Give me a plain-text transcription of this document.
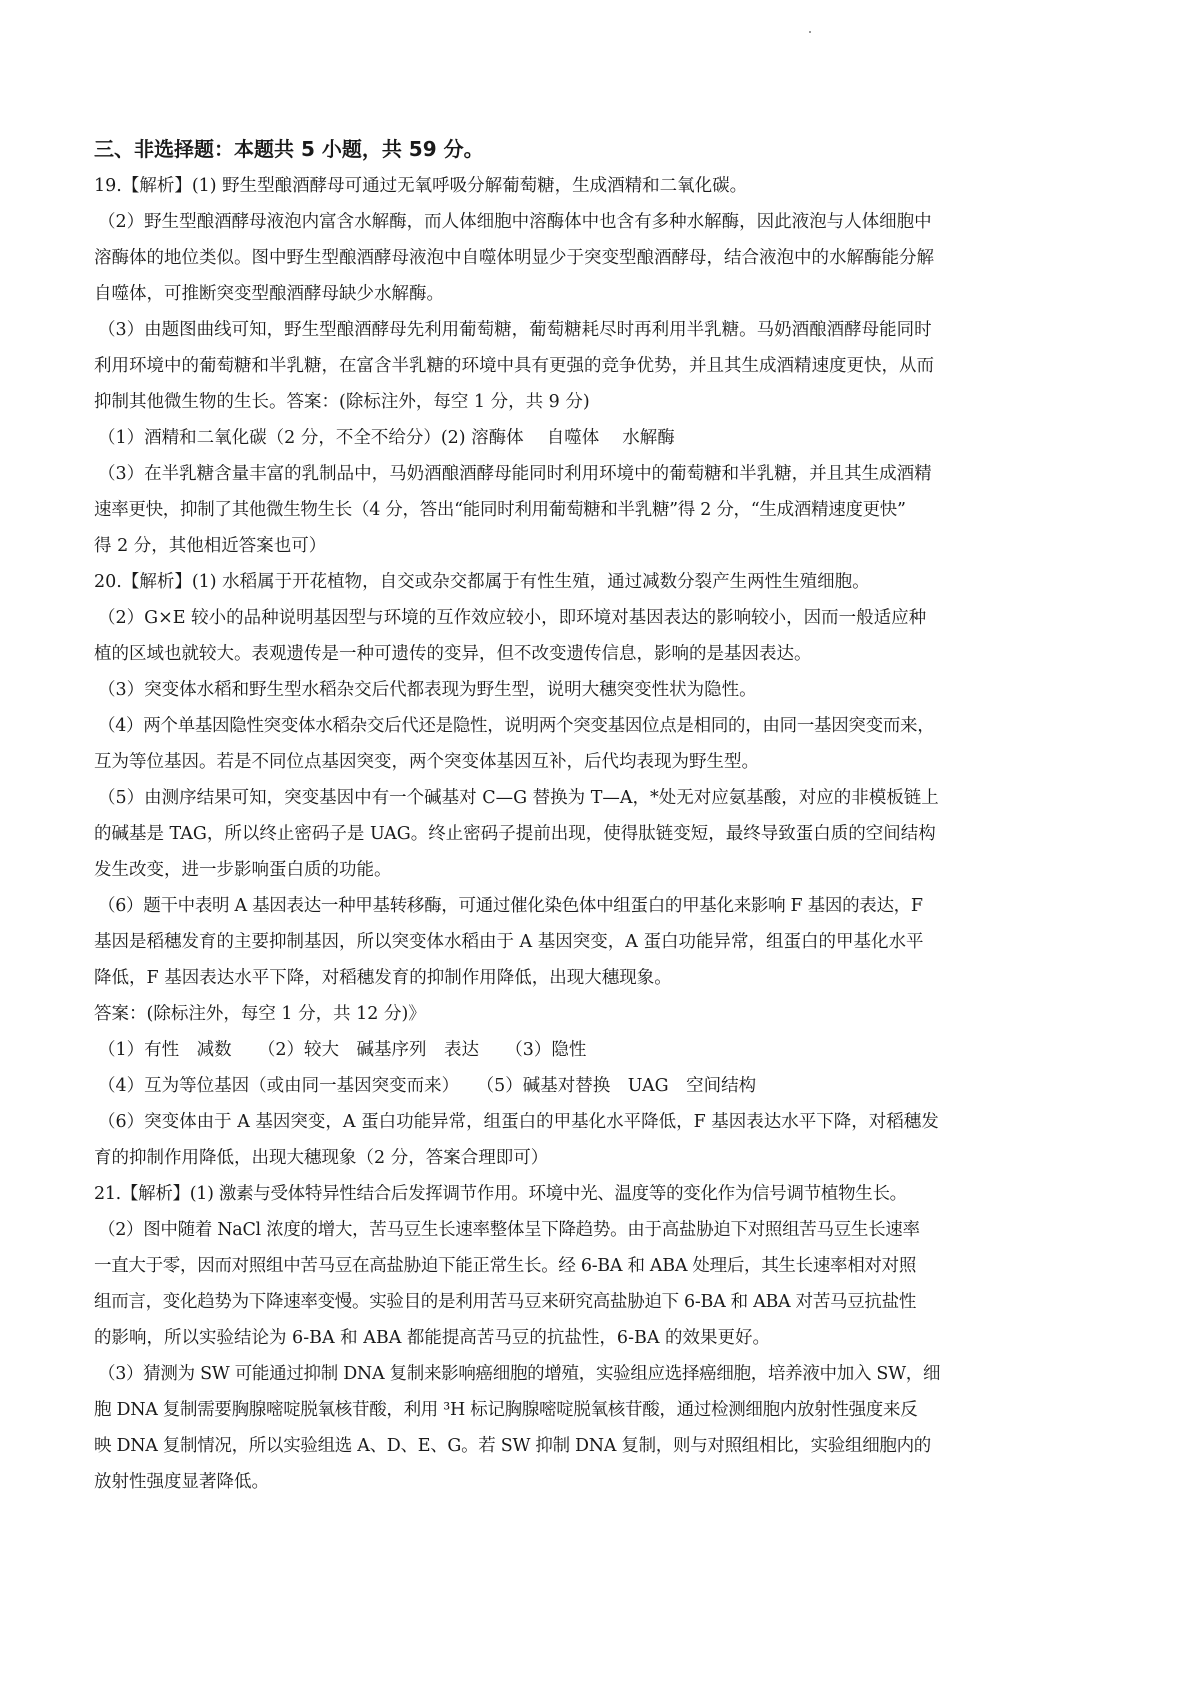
三、非选择题：本题共 5 小题，共 59 分。
19.【解析】(1) 野生型酿酒酵母可通过无氧呼吸分解葡萄糖，生成酒精和二氧化碳。
（2）野生型酿酒酵母液泡内富含水解酶，而人体细胞中溶酶体中也含有多种水解酶，因此液泡与人体细胞中
溶酶体的地位类似。图中野生型酿酒酵母液泡中自噬体明显少于突变型酿酒酵母，结合液泡中的水解酶能分解
自噬体，可推断突变型酿酒酵母缺少水解酶。
（3）由题图曲线可知，野生型酿酒酵母先利用葡萄糖，葡萄糖耗尽时再利用半乳糖。马奶酒酿酒酵母能同时
利用环境中的葡萄糖和半乳糖，在富含半乳糖的环境中具有更强的竞争优势，并且其生成酒精速度更快，从而
抑制其他微生物的生长。答案：(除标注外，每空 1 分，共 9 分)
（1）酒精和二氧化碳（2 分，不全不给分）(2) 溶酶体　 自噬体　 水解酶
（3）在半乳糖含量丰富的乳制品中，马奶酒酿酒酵母能同时利用环境中的葡萄糖和半乳糖，并且其生成酒精
速率更快，抑制了其他微生物生长（4 分，答出“能同时利用葡萄糖和半乳糖”得 2 分，“生成酒精速度更快”
得 2 分，其他相近答案也可）
20.【解析】(1) 水稻属于开花植物，自交或杂交都属于有性生殖，通过减数分裂产生两性生殖细胞。
（2）G×E 较小的品种说明基因型与环境的互作效应较小，即环境对基因表达的影响较小，因而一般适应种
植的区域也就较大。表观遗传是一种可遗传的变异，但不改变遗传信息，影响的是基因表达。
（3）突变体水稻和野生型水稻杂交后代都表现为野生型，说明大穗突变性状为隐性。
（4）两个单基因隐性突变体水稻杂交后代还是隐性，说明两个突变基因位点是相同的，由同一基因突变而来，
互为等位基因。若是不同位点基因突变，两个突变体基因互补，后代均表现为野生型。
（5）由测序结果可知，突变基因中有一个碱基对 C—G 替换为 T—A，*处无对应氨基酸，对应的非模板链上
的碱基是 TAG，所以终止密码子是 UAG。终止密码子提前出现，使得肽链变短，最终导致蛋白质的空间结构
发生改变，进一步影响蛋白质的功能。
（6）题干中表明 A 基因表达一种甲基转移酶，可通过催化染色体中组蛋白的甲基化来影响 F 基因的表达，F
基因是稻穗发育的主要抑制基因，所以突变体水稻由于 A 基因突变，A 蛋白功能异常，组蛋白的甲基化水平
降低，F 基因表达水平下降，对稻穗发育的抑制作用降低，出现大穗现象。
答案：(除标注外，每空 1 分，共 12 分)》
（1）有性　减数　　（2）较大　碱基序列　表达　　（3）隐性
（4）互为等位基因（或由同一基因突变而来）　　（5）碱基对替换　UAG　空间结构
（6）突变体由于 A 基因突变，A 蛋白功能异常，组蛋白的甲基化水平降低，F 基因表达水平下降，对稻穗发
育的抑制作用降低，出现大穗现象（2 分，答案合理即可）
21.【解析】(1) 激素与受体特异性结合后发挥调节作用。环境中光、温度等的变化作为信号调节植物生长。
（2）图中随着 NaCl 浓度的增大，苦马豆生长速率整体呈下降趋势。由于高盐胁迫下对照组苦马豆生长速率
一直大于零，因而对照组中苦马豆在高盐胁迫下能正常生长。经 6-BA 和 ABA 处理后，其生长速率相对对照
组而言，变化趋势为下降速率变慢。实验目的是利用苦马豆来研究高盐胁迫下 6-BA 和 ABA 对苦马豆抗盐性
的影响，所以实验结论为 6-BA 和 ABA 都能提高苦马豆的抗盐性，6-BA 的效果更好。
（3）猜测为 SW 可能通过抑制 DNA 复制来影响癌细胞的增殖，实验组应选择癌细胞，培养液中加入 SW，细
胞 DNA 复制需要胸腺嘧啶脱氧核苷酸，利用 ³H 标记胸腺嘧啶脱氧核苷酸，通过检测细胞内放射性强度来反
映 DNA 复制情况，所以实验组选 A、D、E、G。若 SW 抑制 DNA 复制，则与对照组相比，实验组细胞内的
放射性强度显著降低。
